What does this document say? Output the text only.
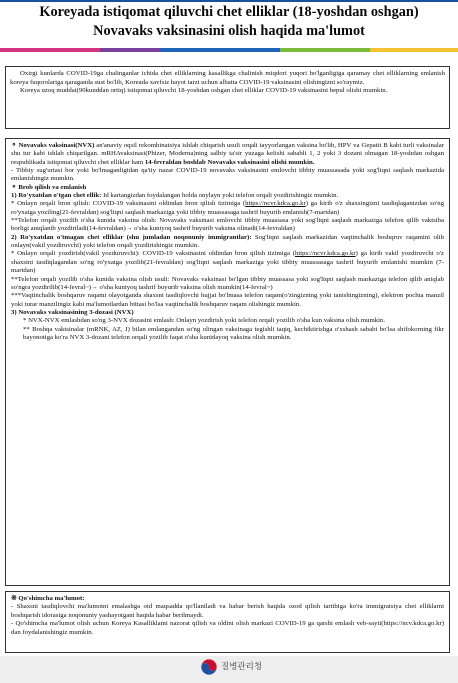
Koreyada istiqomat qiluvchi chet elliklar (18-yoshdan oshgan)
Novavaks vaksinasini olish haqida ma'lumot

Oxirgi kunlarda COVID-19ga chalinganlar ichida chet elliklarning kasallikga chalinish miqdori yuqori bo'lganligiga qaramay chet elliklarning emlanish koreya fuqorolariga qaraganda sust bo'lib, Koreada xavfsiz hayot tarzi uchun albatta COVID-19 vaksinasini olishingizni so'raymiz.

Koreya uzoq muddat(90kunddan ortiq) istiqomat qiluvchi 18-yoshdan oshgan chet elliklar COVID-19 vaksinasini bepul olishi mumkin.

⚬ Novavaks vaksinasi(NVX) an'anaviy oqsil rekombinatsiya ishlab chiqarish usuli orqali tayyorlangan vaksina bo'lib, HPV va Gepatit B kabi turli vaksinalar shu tur kabi ishlab chiqarilgan. mRHAvaksinasi(Phizer, Moderna)ning salbiy ta'sir yuzaga kelishi sababli 1, 2 yoki 3 dozani olmagan 18-yoshdan oshgan respublikada istiqomat qiluvchi chet elliklar ham 14-fevraldan boshlab Novavaks vaksinasini olishi mumkin.

- Tibbiy sug'urtasi bor yoki bo'lmaganligidan qa'tiy nazar COVID-19 novavaks vaksinasini emlovchi tibbiy muassasada yoki sog'liqni saqlash markazida emlanishingiz mumkin.

⚬ Brob qilish va emlanish

1) Ro'yxatdan o'tgan chet ellik: Id kartangizdan foydalangan holda onylayn yoki telefon orqali yozdirishingiz mumkin.

* Onlayn orqali bron qilish: COVID-19 vaksinasini oldindan bron qilish tizimiga (https://ncvr.kdca.go.kr) ga kirib o'z shaxsingizni tasdiqlaganizdan so'ng ro'yxatga yoziling(21-fevraldan) sog'liqni saqlash markaziga yoki tibbiy muassasaga tashrif buyurib emlanish(7-martdan)

**Telefon orqali yozilib o'sha kunida vaksina olish: Novavaks vaksinasi emlovchi tibbiy muassasa yoki sog'liqni saqlash markaziga telefon qilib vaktsiba borligi aniqlanib yozdiriladi(14-fevraldan)→ o'sha kuniyoq tashrif buyurib vaksina olinadi(14-fevraldan)

2) Ro'yxatdan o'tmagan chet elliklar (shu jumladan noqonuniy immigrantlar): Sog'liqni saqlash markazidan vaqtinchalik boshqruv raqamini olib onlayn(vakil yozdiruvchi) yoki telefon orqali yozdirishingiz mumkin.

* Onlayn orqali yozdirish(vakil yozduruvchi): COVID-19 vaksinasini oldindan bron qilish tizimiga (https://ncvr.kdca.go.kr) ga kirib vakil yozdiruvchi o'z shaxsini tasdiqlagandan so'ng ro'yxatga yozilib(21-fevraldan) sog'liqni saqlash markaziga yoki tibbiy muassasaga tashrif buyurib emlanishi mumkin (7-martdan)

**Telefon orqali yozilib o'sha kunida vaksina olish usuli: Novavaks vaksinasi bo'lgan tibbiy muassasa yoki sog'liqni saqlash markaziga telefon qilib aniqlab so'ngra yozdirilib(14-fevral~)→ o'sha kuniyoq tashrif buyurib vaksina olish mumkin(14-fevral~)

***Vaqtinchalik boshqaruv raqami olayotganda shaxsni tasdiqlovchi hujjat bo'lmasa telefon raqam(o'zingizning yoki tanishingizning), elektron pochta manzil yoki turar manzilingiz kabi ma'lumotlardan bittasi bo'lsa vaqtinchalik boshqaruv raqam olishingiz mumkin.

3) Novavaks vaksinasining 3-dozasi (NVX)

* NVX-NVX emlashdan so'ng 3-NVX dozasini emlash: Onlayn yozdirish yoki telefon orqali yozilib o'sha kun vaksina olish mumkin.

** Boshqa vaktsinalar (mRNK, AZ, J) bilan emlangandan so'ng olingan vaksinaga tegishli taqiq, kechiktirishga o'xshash sababi bo'lsa shifokorning fikr bayonotiga ko'ra NVX 3-dozani telefon orqali yozilib faqat o'sha kunidayoq vaksina olish mumkin.

※ Qo'shimcha ma'lumot:

- Shaxsni tasdiqlovchi ma'lumotni emalashga oid maqsadda qo'llaniladi va habar berish haqida ozod qilish tartibiga ko'ra immigratsiya chet elliklarni boshqarish idorasiga noqonuniy yashayotgani haqida habar berilmaydi.

- Qo'shimcha ma'lumot olish uchun Koreya Kasalliklami nazorat qilish va oldini olish markazi COVID-19 ga qarshi emlash veb-sayti(https://ncv.kdca.go.kr) dan foydalanishingiz mumkin.

질병관리청
